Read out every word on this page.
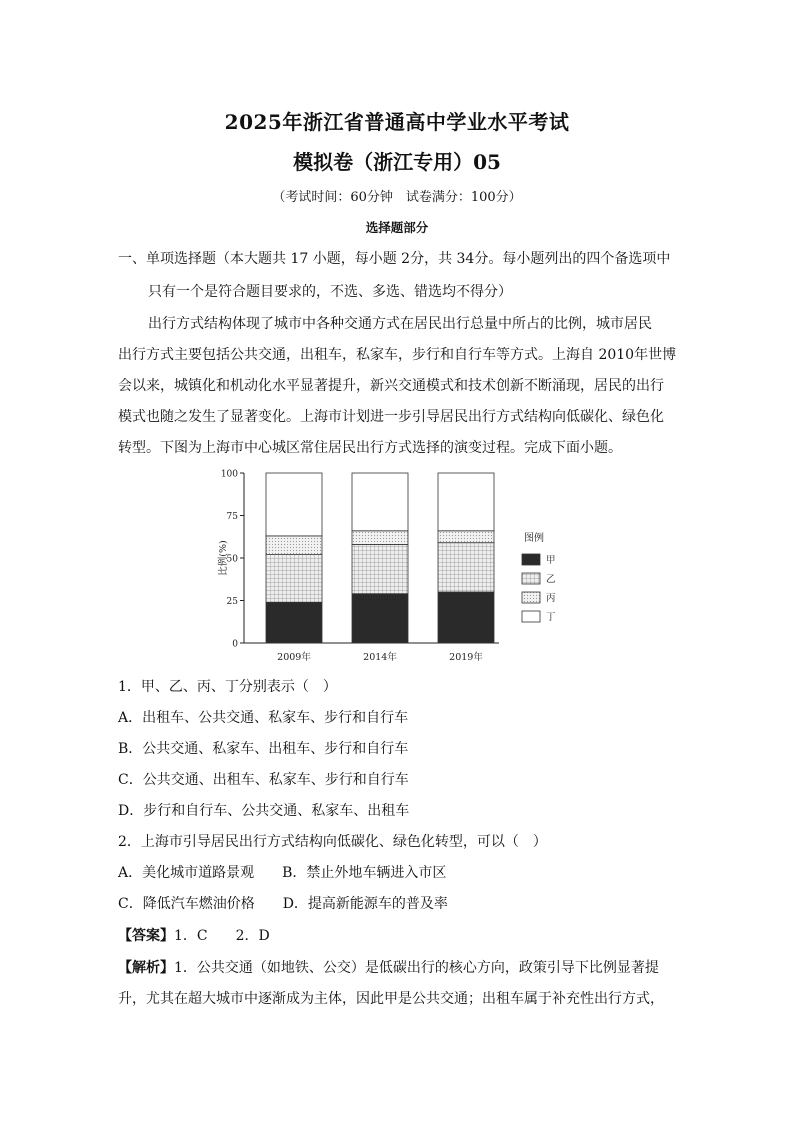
2025年浙江省普通高中学业水平考试
模拟卷（浙江专用）05
（考试时间：60分钟　试卷满分：100分）
选择题部分
一、单项选择题（本大题共 17 小题，每小题 2分，共 34分。每小题列出的四个备选项中
只有一个是符合题目要求的，不选、多选、错选均不得分）
出行方式结构体现了城市中各种交通方式在居民出行总量中所占的比例，城市居民
出行方式主要包括公共交通，出租车，私家车，步行和自行车等方式。上海自 2010年世博
会以来，城镇化和机动化水平显著提升，新兴交通模式和技术创新不断涌现，居民的出行
模式也随之发生了显著变化。上海市计划进一步引导居民出行方式结构向低碳化、绿色化
转型。下图为上海市中心城区常住居民出行方式选择的演变过程。完成下面小题。
0
25
50
75
100
比例(%)
2009年	2014年	2019年
图例
甲
乙
丙
丁
1．甲、乙、丙、丁分别表示（　）
A．出租车、公共交通、私家车、步行和自行车
B．公共交通、私家车、出租车、步行和自行车
C．公共交通、出租车、私家车、步行和自行车
D．步行和自行车、公共交通、私家车、出租车
2．上海市引导居民出行方式结构向低碳化、绿色化转型，可以（　）
A．美化城市道路景观　　B．禁止外地车辆进入市区
C．降低汽车燃油价格　　D．提高新能源车的普及率
【答案】1．C　　2．D
【解析】1．公共交通（如地铁、公交）是低碳出行的核心方向，政策引导下比例显著提
升，尤其在超大城市中逐渐成为主体，因此甲是公共交通；出租车属于补充性出行方式，
